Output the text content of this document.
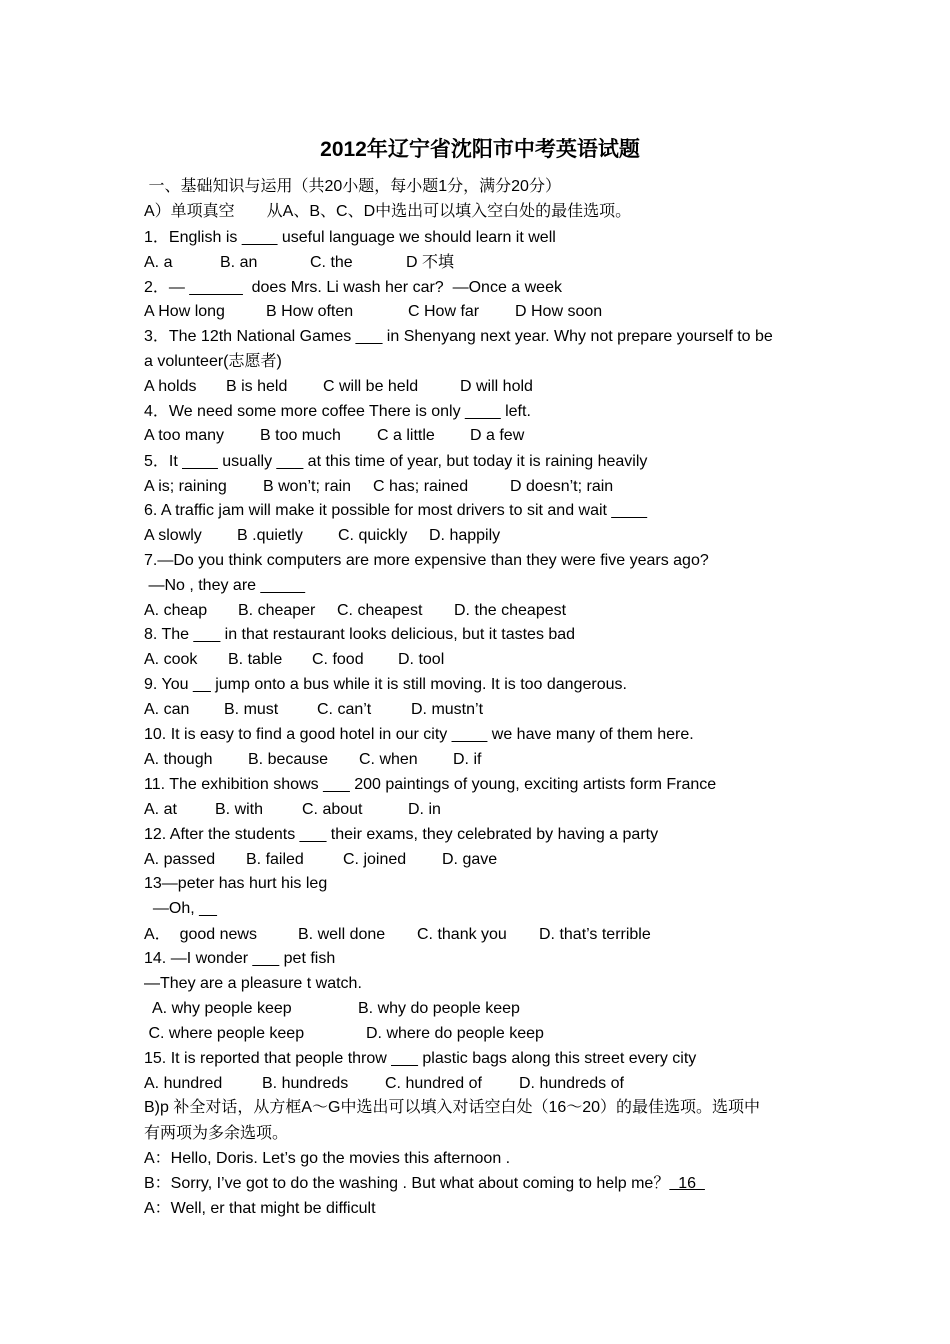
2012年辽宁省沈阳市中考英语试题
一、基础知识与运用（共20小题，每小题1分，满分20分）
A）单项真空　　从A、B、C、D中选出可以填入空白处的最佳选项。
1．English is ____ useful language we should learn it well
A. a	B. an	C. the	D 不填
2．— ______  does Mrs. Li wash her car?  —Once a week
A How long	B How often	C How far D How soon
3．The 12th National Games ___ in Shenyang next year. Why not prepare yourself to be
a volunteer(志愿者)
A holds B is held C will be held	D will hold
4．We need some more coffee There is only ____ left.
A too many B too much C a little D a few
5．It ____ usually ___ at this time of year, but today it is raining heavily
A is; raining B won’t; rain C has; rained	D doesn’t; rain
6. A traffic jam will make it possible for most drivers to sit and wait ____
A slowly B .quietly C. quickly D. happily
7.—Do you think computers are more expensive than they were five years ago?
—No , they are _____
A. cheap B. cheaper C. cheapest D. the cheapest
8. The ___ in that restaurant looks delicious, but it tastes bad
A. cook B. table C. food D. tool
9. You __ jump onto a bus while it is still moving. It is too dangerous.
A. can B. must C. can’t D. mustn’t
10. It is easy to find a good hotel in our city ____ we have many of them here.
A. though B. because C. when D. if
11. The exhibition shows ___ 200 paintings of young, exciting artists form France
A. at B. with C. about	D. in
12. After the students ___ their exams, they celebrated by having a party
A. passed B. failed C. joined D. gave
13—peter has hurt his leg
—Oh, __
A．  good news	B. well done C. thank you D. that’s terrible
14. —I wonder ___ pet fish
—They are a pleasure t watch.
A. why people keep	B. why do people keep
C. where people keep	D. where do people keep
15. It is reported that people throw ___ plastic bags along this street every city
A. hundred B. hundreds C. hundred of D. hundreds of
B)p 补全对话，从方框A～G中选出可以填入对话空白处（16～20）的最佳选项。选项中
有两项为多余选项。
A：Hello, Doris. Let’s go the movies this afternoon .
B：Sorry, I’ve got to do the washing . But what about coming to help me？  16
A：Well, er that might be difficult
